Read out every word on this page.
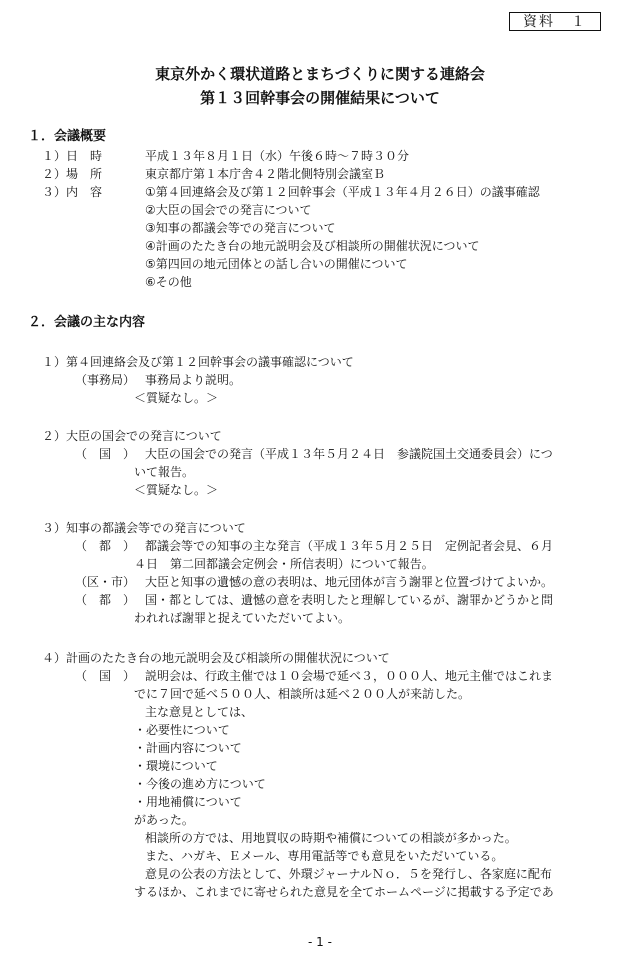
資料　１
東京外かく環状道路とまちづくりに関する連絡会
第１３回幹事会の開催結果について
１．会議概要
１）日　時	平成１３年８月１日（水）午後６時～７時３０分
２）場　所	東京都庁第１本庁舎４２階北側特別会議室Ｂ
３）内　容	①第４回連絡会及び第１２回幹事会（平成１３年４月２６日）の議事確認
②大臣の国会での発言について
③知事の都議会等での発言について
④計画のたたき台の地元説明会及び相談所の開催状況について
⑤第四回の地元団体との話し合いの開催について
⑥その他
２．会議の主な内容
１）第４回連絡会及び第１２回幹事会の議事確認について
（事務局） 事務局より説明。
＜質疑なし。＞
２）大臣の国会での発言について
（　国　） 大臣の国会での発言（平成１３年５月２４日　参議院国土交通委員会）につ
いて報告。
＜質疑なし。＞
３）知事の都議会等での発言について
（　都　） 都議会等での知事の主な発言（平成１３年５月２５日　定例記者会見、６月
４日　第二回都議会定例会・所信表明）について報告。
（区・市） 大臣と知事の遺憾の意の表明は、地元団体が言う謝罪と位置づけてよいか。
（　都　） 国・都としては、遺憾の意を表明したと理解しているが、謝罪かどうかと問
われれば謝罪と捉えていただいてよい。
４）計画のたたき台の地元説明会及び相談所の開催状況について
（　国　） 説明会は、行政主催では１０会場で延べ３，０００人、地元主催ではこれま
でに７回で延べ５００人、相談所は延べ２００人が来訪した。
主な意見としては、
・必要性について
・計画内容について
・環境について
・今後の進め方について
・用地補償について
があった。
相談所の方では、用地買収の時期や補償についての相談が多かった。
また、ハガキ、Ｅメール、専用電話等でも意見をいただいている。
意見の公表の方法として、外環ジャーナルＮｏ．５を発行し、各家庭に配布
するほか、これまでに寄せられた意見を全てホームページに掲載する予定であ
- 1 -
